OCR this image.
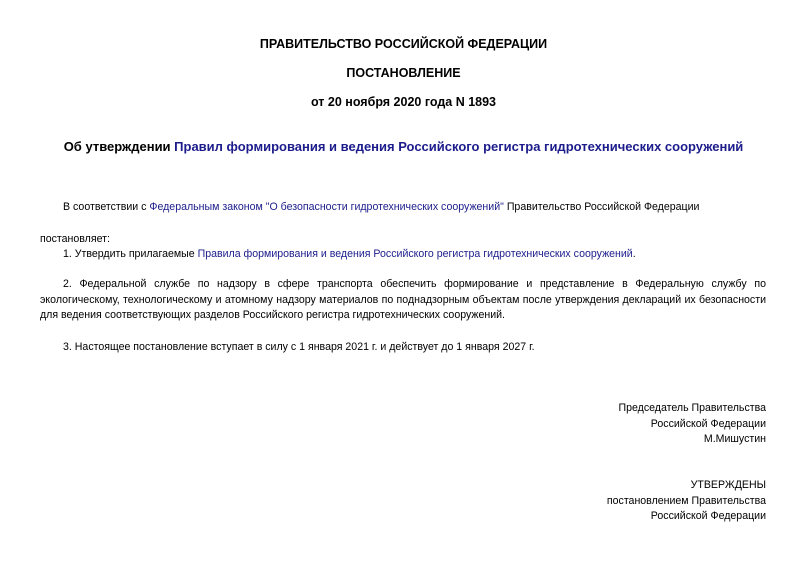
ПРАВИТЕЛЬСТВО РОССИЙСКОЙ ФЕДЕРАЦИИ
ПОСТАНОВЛЕНИЕ
от 20 ноября 2020 года N 1893
Об утверждении Правил формирования и ведения Российского регистра гидротехнических сооружений
В соответствии с Федеральным законом "О безопасности гидротехнических сооружений" Правительство Российской Федерации
постановляет:
1. Утвердить прилагаемые Правила формирования и ведения Российского регистра гидротехнических сооружений.
2. Федеральной службе по надзору в сфере транспорта обеспечить формирование и представление в Федеральную службу по экологическому, технологическому и атомному надзору материалов по поднадзорным объектам после утверждения деклараций их безопасности для ведения соответствующих разделов Российского регистра гидротехнических сооружений.
3. Настоящее постановление вступает в силу с 1 января 2021 г. и действует до 1 января 2027 г.
Председатель Правительства
Российской Федерации
М.Мишустин
УТВЕРЖДЕНЫ
постановлением Правительства
Российской Федерации
